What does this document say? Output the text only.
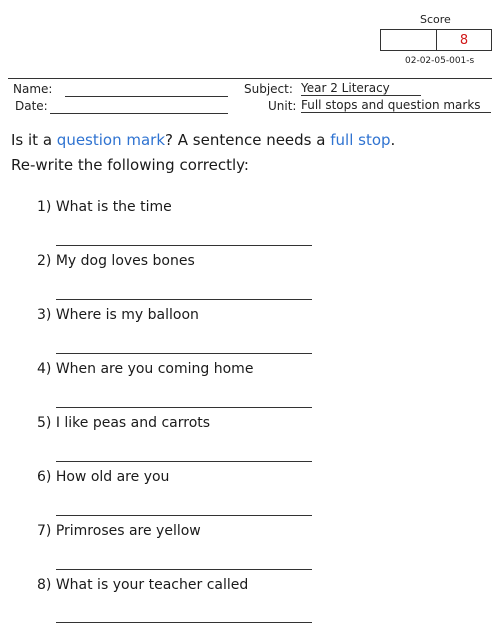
Score
8
02-02-05-001-s
Name:
Date:
Subject: Year 2 Literacy
Unit: Full stops and question marks
Is it a question mark? A sentence needs a full stop.
Re-write the following correctly:
1) What is the time
2) My dog loves bones
3) Where is my balloon
4) When are you coming home
5) I like peas and carrots
6) How old are you
7) Primroses are yellow
8) What is your teacher called
